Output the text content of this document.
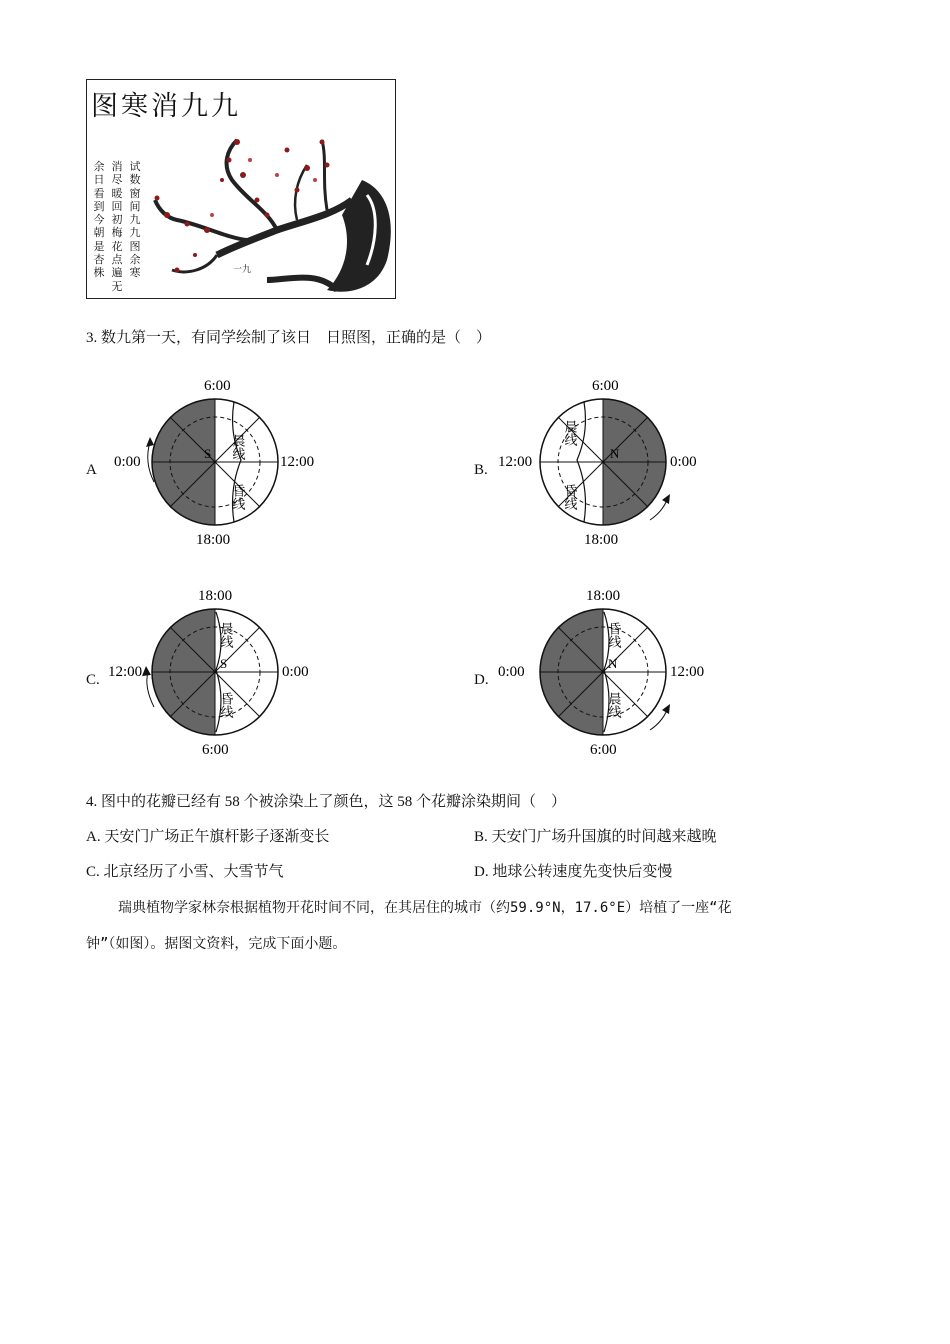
图寒消九九
余
日
看
到
今
朝
是
杏
株
消
尽
暖
回
初
梅
花
点
遍
无
试
数
窗
间
九
九
图
余
寒	一九
3. 数九第一天，有同学绘制了该日　日照图，正确的是（　）
A
6:00
18:00
0:00	12:00
S 晨线
昏线
B.
6:00
18:00
12:00	0:00
N
晨线
昏线
C.
18:00
6:00
12:00	0:00
S
晨线
昏线
D.
18:00
6:00
0:00	12:00
N
昏线
晨线
4. 图中的花瓣已经有 58 个被涂染上了颜色，这 58 个花瓣涂染期间（　）
A. 天安门广场正午旗杆影子逐渐变长	B. 天安门广场升国旗的时间越来越晚
C. 北京经历了小雪、大雪节气	D. 地球公转速度先变快后变慢
瑞典植物学家林奈根据植物开花时间不同，在其居住的城市（约59.9°N，17.6°E）培植了一座“花
钟”（如图）。据图文资料，完成下面小题。
